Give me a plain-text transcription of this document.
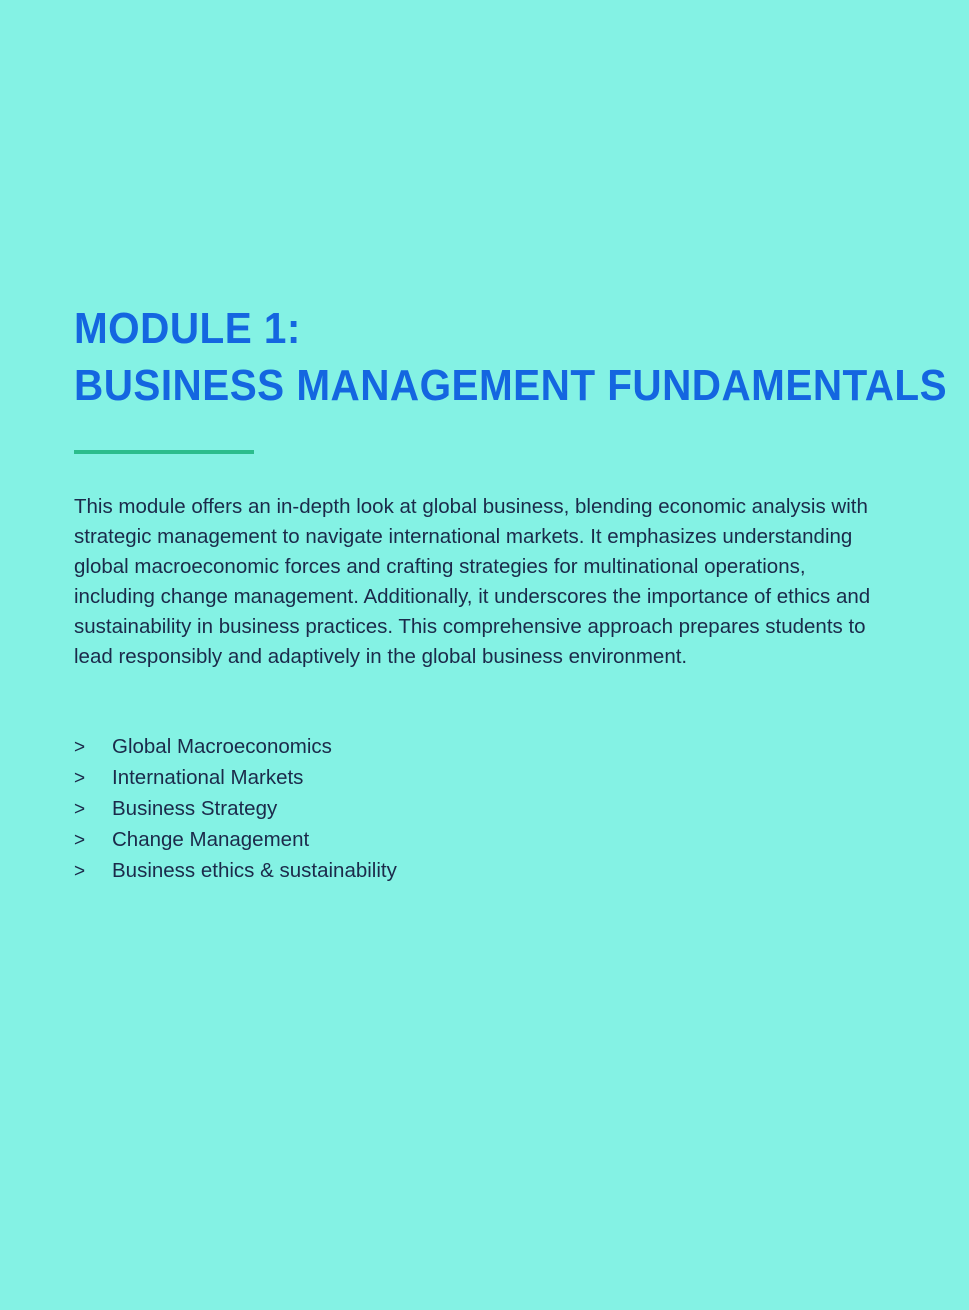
MODULE 1:
BUSINESS MANAGEMENT FUNDAMENTALS

This module offers an in-depth look at global business, blending economic analysis with strategic management to navigate international markets. It emphasizes understanding global macroeconomic forces and crafting strategies for multinational operations, including change management. Additionally, it underscores the importance of ethics and sustainability in business practices. This comprehensive approach prepares students to lead responsibly and adaptively in the global business environment.

>	Global Macroeconomics
>	International Markets
>	Business Strategy
>	Change Management
>	Business ethics & sustainability
